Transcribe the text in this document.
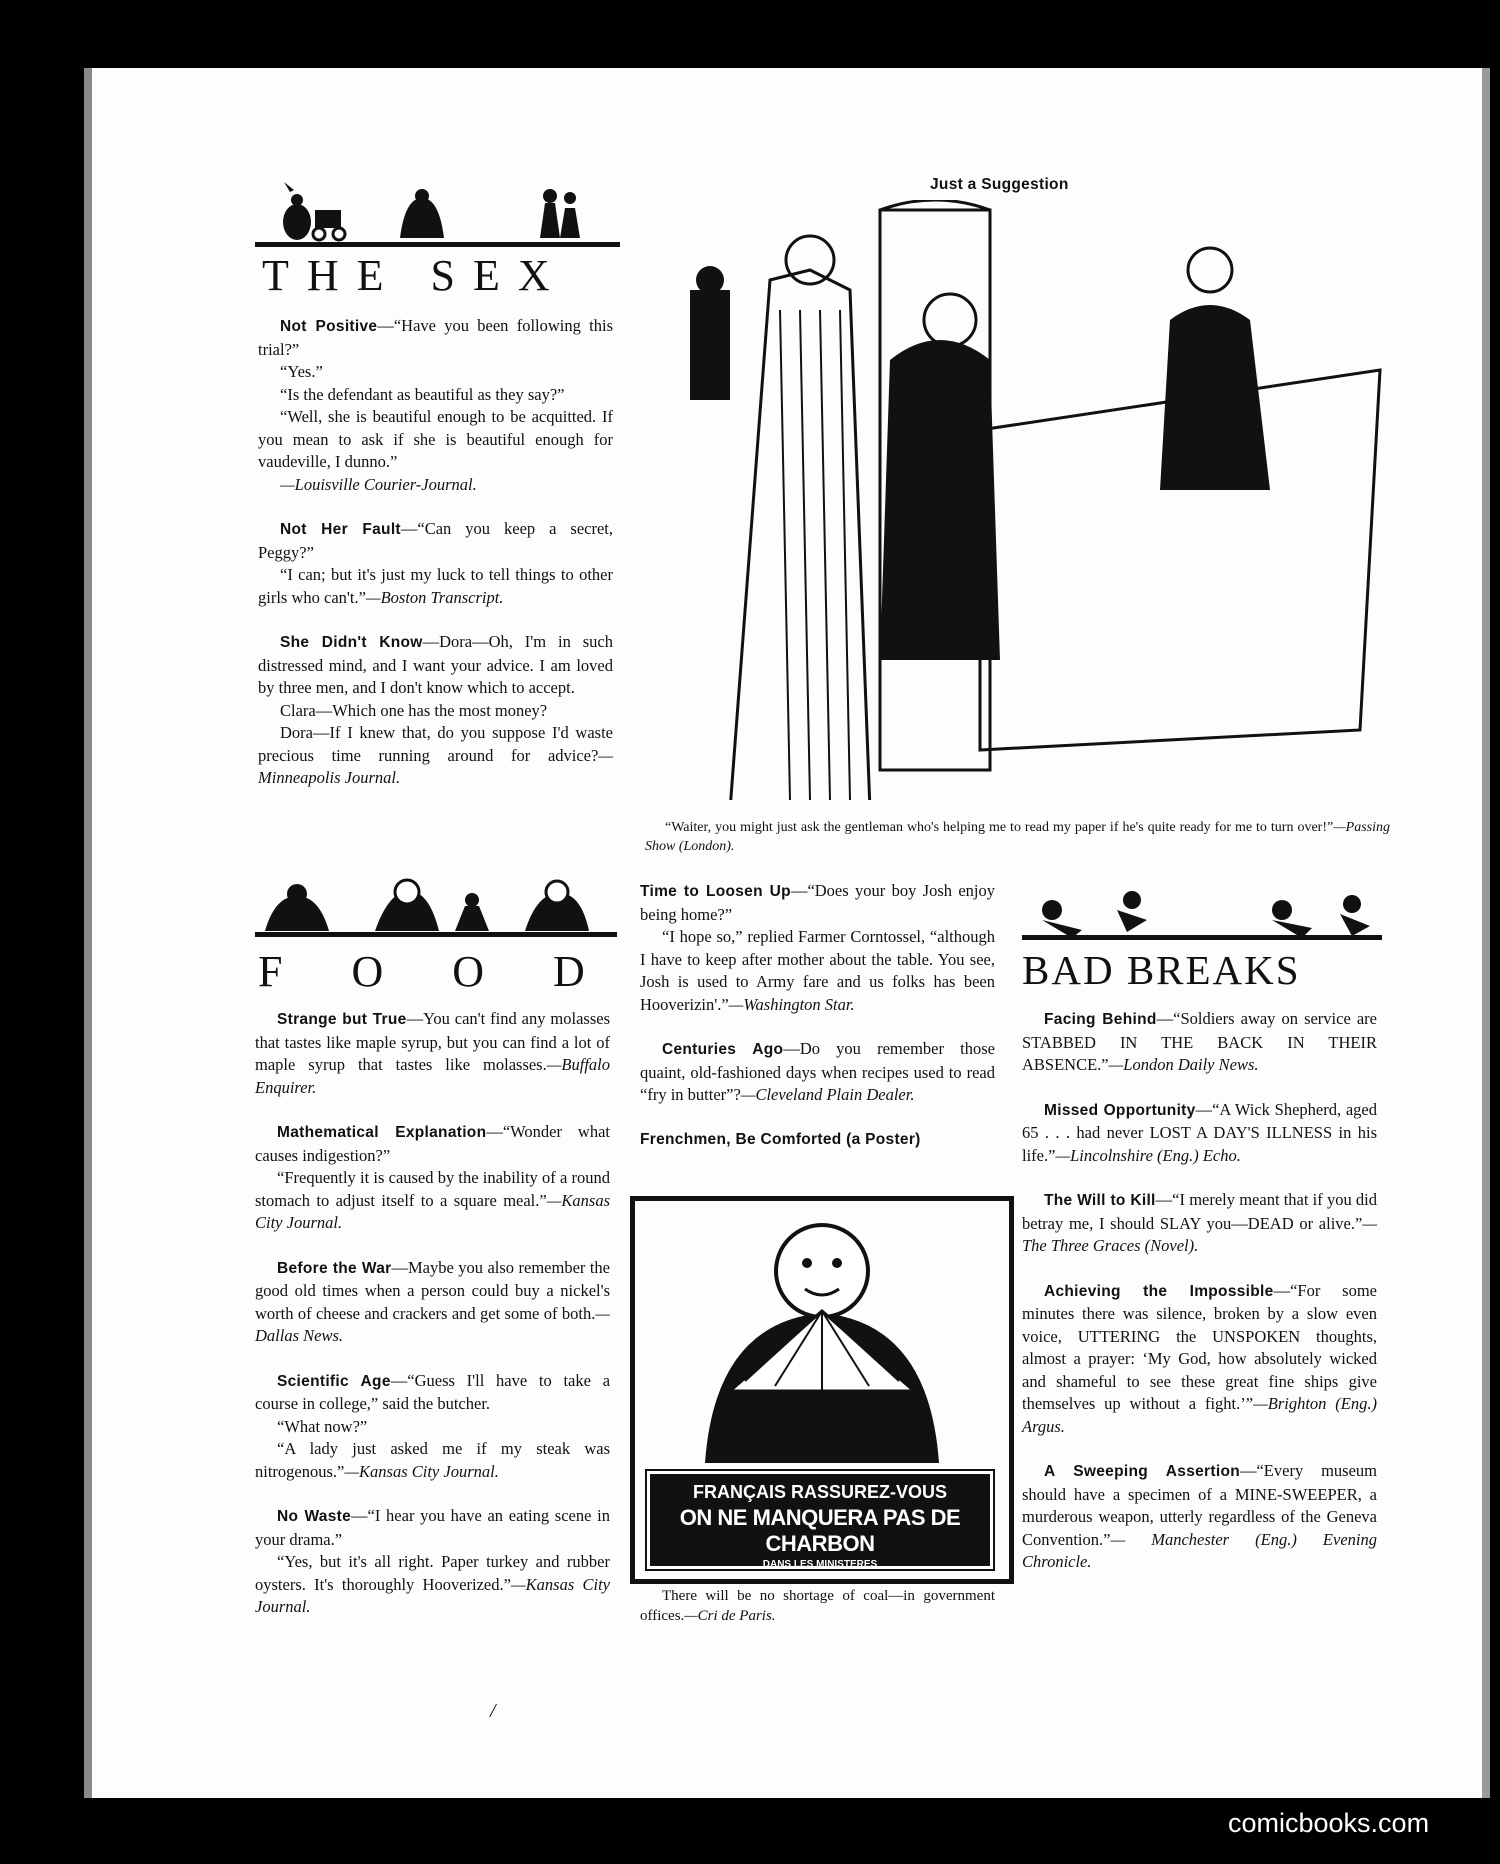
THE SEX

Not Positive—“Have you been following this trial?”

“Yes.”

“Is the defendant as beautiful as they say?”

“Well, she is beautiful enough to be acquitted. If you mean to ask if she is beautiful enough for vaudeville, I dunno.”

—Louisville Courier-Journal.

Not Her Fault—“Can you keep a secret, Peggy?”

“I can; but it's just my luck to tell things to other girls who can't.”—Boston Transcript.

She Didn't Know—Dora—Oh, I'm in such distressed mind, and I want your advice. I am loved by three men, and I don't know which to accept.

Clara—Which one has the most money?

Dora—If I knew that, do you suppose I'd waste precious time running around for advice?—Minneapolis Journal.

F O O D

Strange but True—You can't find any molasses that tastes like maple syrup, but you can find a lot of maple syrup that tastes like molasses.—Buffalo Enquirer.

Mathematical Explanation—“Wonder what causes indigestion?”

“Frequently it is caused by the inability of a round stomach to adjust itself to a square meal.”—Kansas City Journal.

Before the War—Maybe you also remember the good old times when a person could buy a nickel's worth of cheese and crackers and get some of both.—Dallas News.

Scientific Age—“Guess I'll have to take a course in college,” said the butcher.

“What now?”

“A lady just asked me if my steak was nitrogenous.”—Kansas City Journal.

No Waste—“I hear you have an eating scene in your drama.”

“Yes, but it's all right. Paper turkey and rubber oysters. It's thoroughly Hooverized.”—Kansas City Journal.

Just a Suggestion
“Waiter, you might just ask the gentleman who's helping me to read my paper if he's quite ready for me to turn over!”—Passing Show (London).

Time to Loosen Up—“Does your boy Josh enjoy being home?”

“I hope so,” replied Farmer Corntossel, “although I have to keep after mother about the table. You see, Josh is used to Army fare and us folks has been Hooverizin'.”—Washington Star.

Centuries Ago—Do you remember those quaint, old-fashioned days when recipes used to read “fry in butter”?—Cleveland Plain Dealer.

Frenchmen, Be Comforted (a Poster)

FRANÇAIS RASSUREZ-VOUS
ON NE MANQUERA PAS DE CHARBON
DANS LES MINISTERES
There will be no shortage of coal—in government offices.—Cri de Paris.
BAD BREAKS

Facing Behind—“Soldiers away on service are STABBED IN THE BACK IN THEIR ABSENCE.”—London Daily News.

Missed Opportunity—“A Wick Shepherd, aged 65 . . . had never LOST A DAY'S ILLNESS in his life.”—Lincolnshire (Eng.) Echo.

The Will to Kill—“I merely meant that if you did betray me, I should SLAY you—DEAD or alive.”—The Three Graces (Novel).

Achieving the Impossible—“For some minutes there was silence, broken by a slow even voice, UTTERING the UNSPOKEN thoughts, almost a prayer: ‘My God, how absolutely wicked and shameful to see these great fine ships give themselves up without a fight.’”—Brighton (Eng.) Argus.

A Sweeping Assertion—“Every museum should have a specimen of a MINE-SWEEPER, a murderous weapon, utterly regardless of the Geneva Convention.”— Manchester (Eng.) Evening Chronicle.

/
comicbooks.com
